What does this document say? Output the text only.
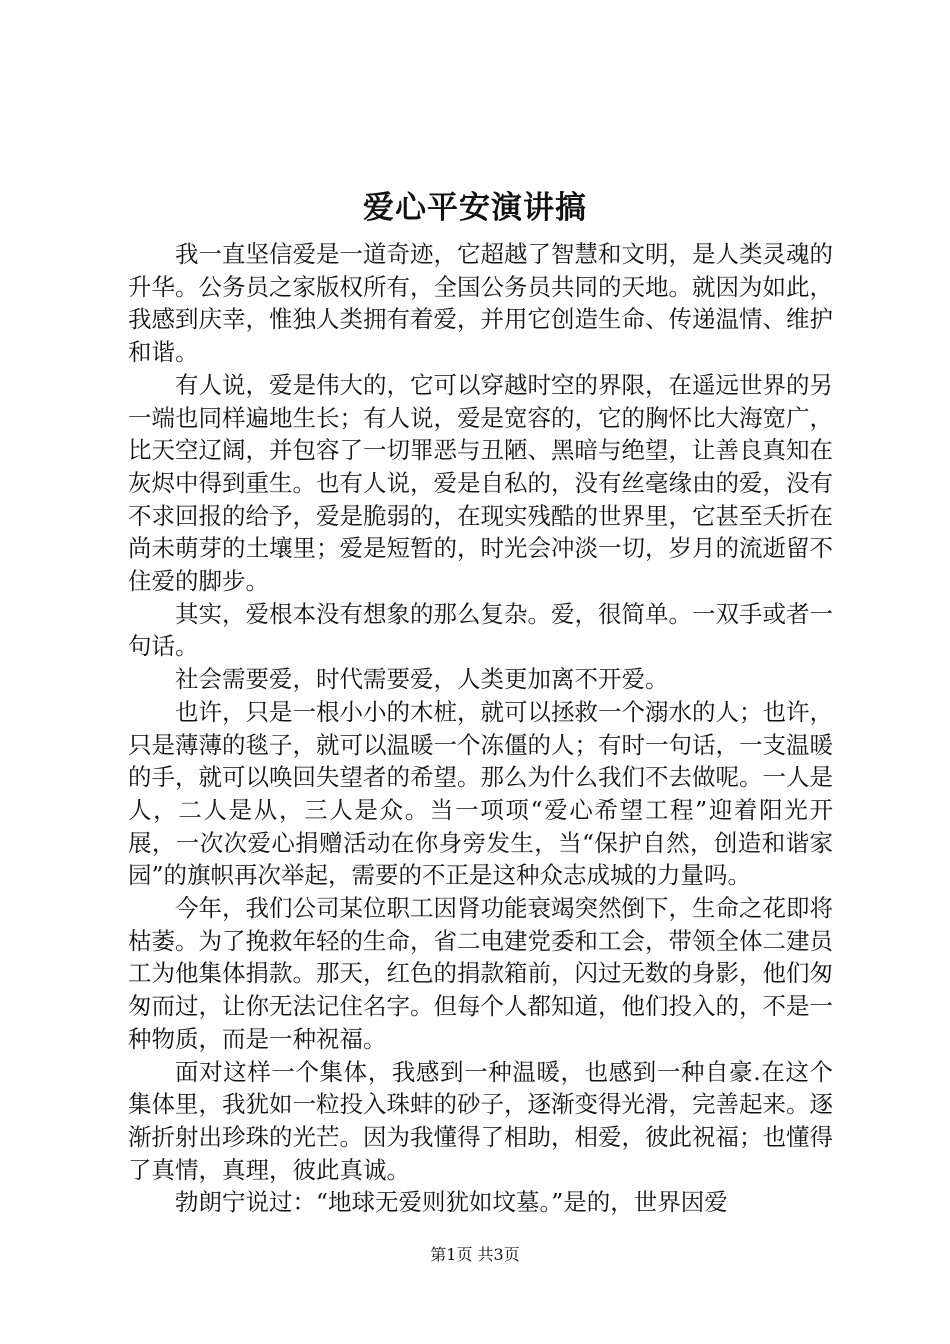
爱心平安演讲搞

我一直坚信爱是一道奇迹，它超越了智慧和文明，是人类灵魂的升华。公务员之家版权所有，全国公务员共同的天地。就因为如此，我感到庆幸，惟独人类拥有着爱，并用它创造生命、传递温情、维护和谐。

有人说，爱是伟大的，它可以穿越时空的界限，在遥远世界的另一端也同样遍地生长；有人说，爱是宽容的，它的胸怀比大海宽广，比天空辽阔，并包容了一切罪恶与丑陋、黑暗与绝望，让善良真知在灰烬中得到重生。也有人说，爱是自私的，没有丝毫缘由的爱，没有不求回报的给予，爱是脆弱的，在现实残酷的世界里，它甚至夭折在尚未萌芽的土壤里；爱是短暂的，时光会冲淡一切，岁月的流逝留不住爱的脚步。

其实，爱根本没有想象的那么复杂。爱，很简单。一双手或者一句话。

社会需要爱，时代需要爱，人类更加离不开爱。

也许，只是一根小小的木桩，就可以拯救一个溺水的人；也许，只是薄薄的毯子，就可以温暖一个冻僵的人；有时一句话，一支温暖的手，就可以唤回失望者的希望。那么为什么我们不去做呢。一人是人，二人是从，三人是众。当一项项“爱心希望工程”迎着阳光开展，一次次爱心捐赠活动在你身旁发生，当“保护自然，创造和谐家园”的旗帜再次举起，需要的不正是这种众志成城的力量吗。

今年，我们公司某位职工因肾功能衰竭突然倒下，生命之花即将枯萎。为了挽救年轻的生命，省二电建党委和工会，带领全体二建员工为他集体捐款。那天，红色的捐款箱前，闪过无数的身影，他们匆匆而过，让你无法记住名字。但每个人都知道，他们投入的，不是一种物质，而是一种祝福。

面对这样一个集体，我感到一种温暖，也感到一种自豪.在这个集体里，我犹如一粒投入珠蚌的砂子，逐渐变得光滑，完善起来。逐渐折射出珍珠的光芒。因为我懂得了相助，相爱，彼此祝福；也懂得了真情，真理，彼此真诚。

勃朗宁说过：“地球无爱则犹如坟墓。”是的，世界因爱

第1页 共3页
